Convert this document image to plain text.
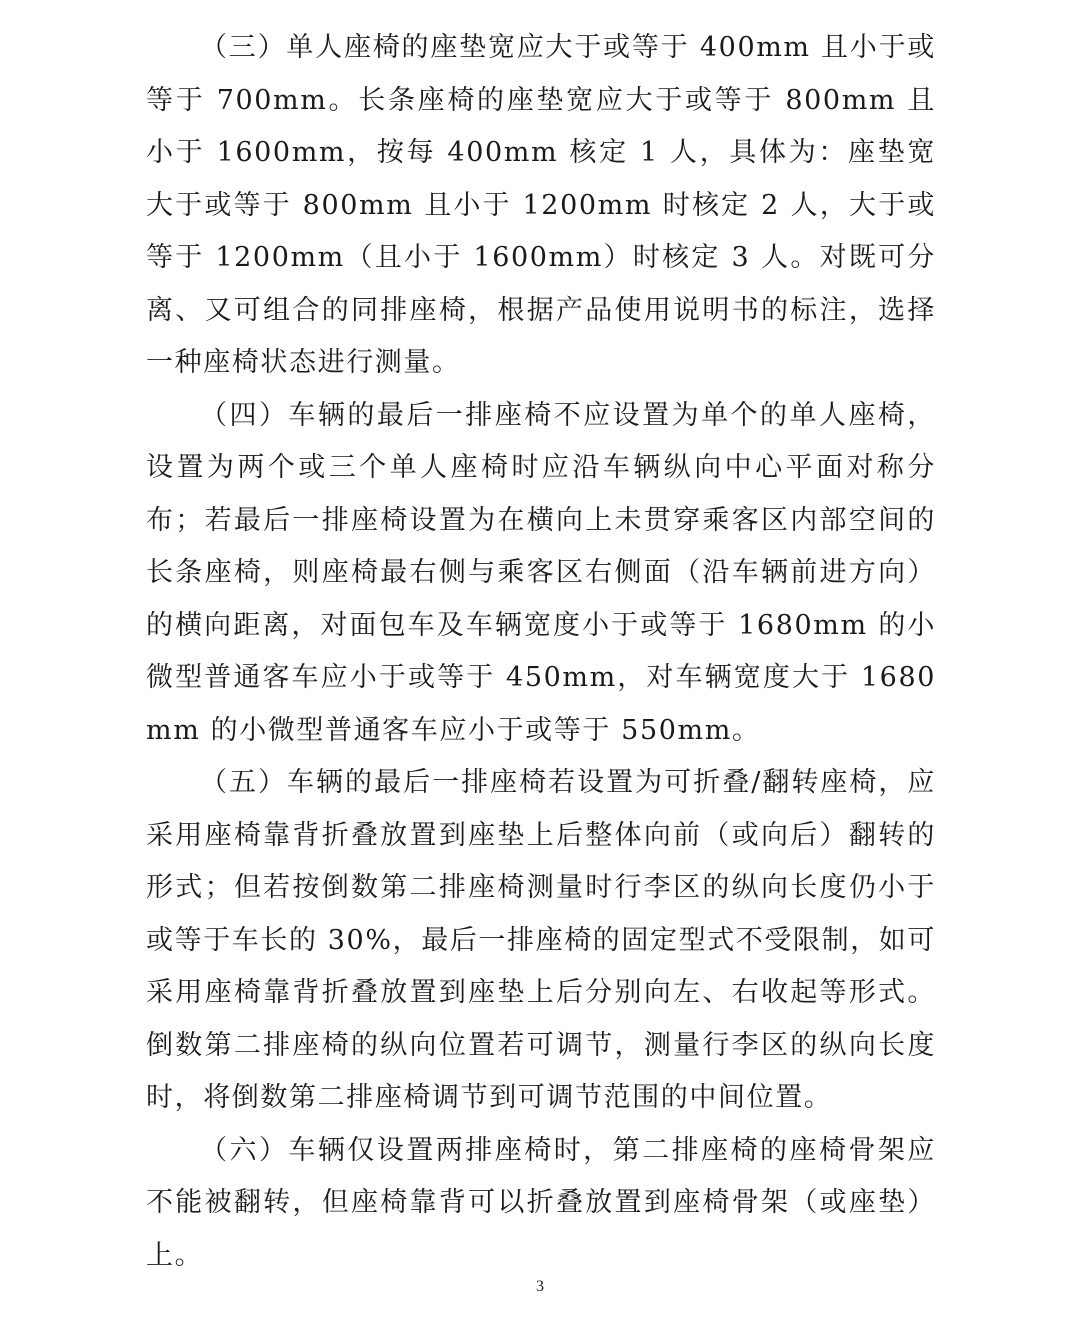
（三）单人座椅的座垫宽应大于或等于 400mm 且小于或等于 700mm。长条座椅的座垫宽应大于或等于 800mm 且小于 1600mm，按每 400mm 核定 1 人，具体为：座垫宽大于或等于 800mm 且小于 1200mm 时核定 2 人，大于或等于 1200mm（且小于 1600mm）时核定 3 人。对既可分离、又可组合的同排座椅，根据产品使用说明书的标注，选择一种座椅状态进行测量。

（四）车辆的最后一排座椅不应设置为单个的单人座椅，设置为两个或三个单人座椅时应沿车辆纵向中心平面对称分布；若最后一排座椅设置为在横向上未贯穿乘客区内部空间的长条座椅，则座椅最右侧与乘客区右侧面（沿车辆前进方向）的横向距离，对面包车及车辆宽度小于或等于 1680mm 的小微型普通客车应小于或等于 450mm，对车辆宽度大于 1680mm 的小微型普通客车应小于或等于 550mm。

（五）车辆的最后一排座椅若设置为可折叠/翻转座椅，应采用座椅靠背折叠放置到座垫上后整体向前（或向后）翻转的形式；但若按倒数第二排座椅测量时行李区的纵向长度仍小于或等于车长的 30%，最后一排座椅的固定型式不受限制，如可采用座椅靠背折叠放置到座垫上后分别向左、右收起等形式。倒数第二排座椅的纵向位置若可调节，测量行李区的纵向长度时，将倒数第二排座椅调节到可调节范围的中间位置。

（六）车辆仅设置两排座椅时，第二排座椅的座椅骨架应不能被翻转，但座椅靠背可以折叠放置到座椅骨架（或座垫）上。

3
